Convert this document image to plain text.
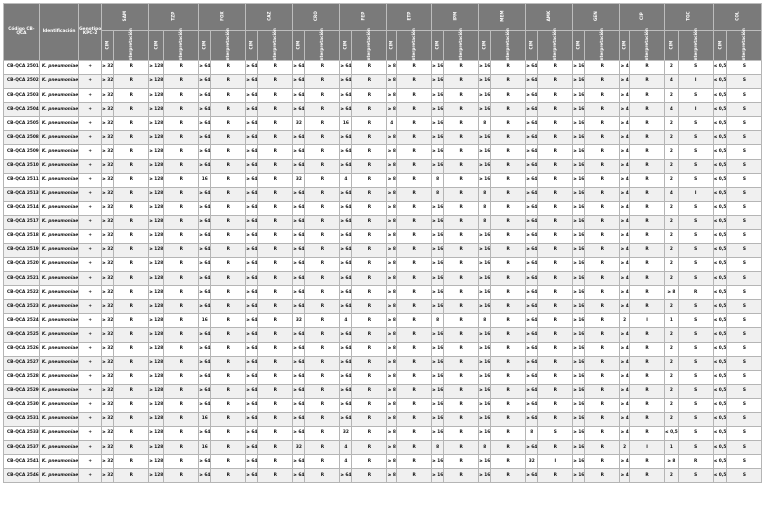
Código CB-QCA	Identificación	Genotipo KPC-2	SAM		TZP		FOX		CAZ		CRO		FEP		ETP		IPM		MEM		AMK		GEN		CIP		TGC		COL	
			CIM	Interpretación	CIM	Interpretación	CIM	Interpretación	CIM	Interpretación	CIM	Interpretación	CIM	Interpretación	CIM	Interpretación	CIM	Interpretación	CIM	Interpretación	CIM	Interpretación	CIM	Interpretación	CIM	Interpretación	CIM	Interpretación	CIM	Interpretación
CB-QCA 2501	K. pneumoniae	+	≥ 32	R	≥ 128	R	≥ 64	R	≥ 64	R	≥ 64	R	≥ 64	R	≥ 8	R	≥ 16	R	≥ 16	R	≥ 64	R	≥ 16	R	≥ 4	R	2	S	≤ 0,5	S
CB-QCA 2502	K. pneumoniae	+	≥ 32	R	≥ 128	R	≥ 64	R	≥ 64	R	≥ 64	R	≥ 64	R	≥ 8	R	≥ 16	R	≥ 16	R	≥ 64	R	≥ 16	R	≥ 4	R	4	I	≤ 0,5	S
CB-QCA 2503	K. pneumoniae	+	≥ 32	R	≥ 128	R	≥ 64	R	≥ 64	R	≥ 64	R	≥ 64	R	≥ 8	R	≥ 16	R	≥ 16	R	≥ 64	R	≥ 16	R	≥ 4	R	2	S	≤ 0,5	S
CB-QCA 2504	K. pneumoniae	+	≥ 32	R	≥ 128	R	≥ 64	R	≥ 64	R	≥ 64	R	≥ 64	R	≥ 8	R	≥ 16	R	≥ 16	R	≥ 64	R	≥ 16	R	≥ 4	R	4	I	≤ 0,5	S
CB-QCA 2505	K. pneumoniae	+	≥ 32	R	≥ 128	R	≥ 64	R	≥ 64	R	32	R	16	R	4	R	≥ 16	R	8	R	≥ 64	R	≥ 16	R	≥ 4	R	2	S	≤ 0,5	S
CB-QCA 2508	K. pneumoniae	+	≥ 32	R	≥ 128	R	≥ 64	R	≥ 64	R	≥ 64	R	≥ 64	R	≥ 8	R	≥ 16	R	≥ 16	R	≥ 64	R	≥ 16	R	≥ 4	R	2	S	≤ 0,5	S
CB-QCA 2509	K. pneumoniae	+	≥ 32	R	≥ 128	R	≥ 64	R	≥ 64	R	≥ 64	R	≥ 64	R	≥ 8	R	≥ 16	R	≥ 16	R	≥ 64	R	≥ 16	R	≥ 4	R	2	S	≤ 0,5	S
CB-QCA 2510	K. pneumoniae	+	≥ 32	R	≥ 128	R	≥ 64	R	≥ 64	R	≥ 64	R	≥ 64	R	≥ 8	R	≥ 16	R	≥ 16	R	≥ 64	R	≥ 16	R	≥ 4	R	2	S	≤ 0,5	S
CB-QCA 2511	K. pneumoniae	+	≥ 32	R	≥ 128	R	16	R	≥ 64	R	32	R	4	R	≥ 8	R	8	R	≥ 16	R	≥ 64	R	≥ 16	R	≥ 4	R	2	S	≤ 0,5	S
CB-QCA 2513	K. pneumoniae	+	≥ 32	R	≥ 128	R	≥ 64	R	≥ 64	R	≥ 64	R	≥ 64	R	≥ 8	R	8	R	8	R	≥ 64	R	≥ 16	R	≥ 4	R	4	I	≤ 0,5	S
CB-QCA 2514	K. pneumoniae	+	≥ 32	R	≥ 128	R	≥ 64	R	≥ 64	R	≥ 64	R	≥ 64	R	≥ 8	R	≥ 16	R	8	R	≥ 64	R	≥ 16	R	≥ 4	R	2	S	≤ 0,5	S
CB-QCA 2517	K. pneumoniae	+	≥ 32	R	≥ 128	R	≥ 64	R	≥ 64	R	≥ 64	R	≥ 64	R	≥ 8	R	≥ 16	R	8	R	≥ 64	R	≥ 16	R	≥ 4	R	2	S	≤ 0,5	S
CB-QCA 2518	K. pneumoniae	+	≥ 32	R	≥ 128	R	≥ 64	R	≥ 64	R	≥ 64	R	≥ 64	R	≥ 8	R	≥ 16	R	≥ 16	R	≥ 64	R	≥ 16	R	≥ 4	R	2	S	≤ 0,5	S
CB-QCA 2519	K. pneumoniae	+	≥ 32	R	≥ 128	R	≥ 64	R	≥ 64	R	≥ 64	R	≥ 64	R	≥ 8	R	≥ 16	R	≥ 16	R	≥ 64	R	≥ 16	R	≥ 4	R	2	S	≤ 0,5	S
CB-QCA 2520	K. pneumoniae	+	≥ 32	R	≥ 128	R	≥ 64	R	≥ 64	R	≥ 64	R	≥ 64	R	≥ 8	R	≥ 16	R	≥ 16	R	≥ 64	R	≥ 16	R	≥ 4	R	2	S	≤ 0,5	S
CB-QCA 2521	K. pneumoniae	+	≥ 32	R	≥ 128	R	≥ 64	R	≥ 64	R	≥ 64	R	≥ 64	R	≥ 8	R	≥ 16	R	≥ 16	R	≥ 64	R	≥ 16	R	≥ 4	R	2	S	≤ 0,5	S
CB-QCA 2522	K. pneumoniae	+	≥ 32	R	≥ 128	R	≥ 64	R	≥ 64	R	≥ 64	R	≥ 64	R	≥ 8	R	≥ 16	R	≥ 16	R	≥ 64	R	≥ 16	R	≥ 4	R	≥ 8	R	≤ 0,5	S
CB-QCA 2523	K. pneumoniae	+	≥ 32	R	≥ 128	R	≥ 64	R	≥ 64	R	≥ 64	R	≥ 64	R	≥ 8	R	≥ 16	R	≥ 16	R	≥ 64	R	≥ 16	R	≥ 4	R	2	S	≤ 0,5	S
CB-QCA 2524	K. pneumoniae	+	≥ 32	R	≥ 128	R	16	R	≥ 64	R	32	R	4	R	≥ 8	R	8	R	8	R	≥ 64	R	≥ 16	R	2	I	1	S	≤ 0,5	S
CB-QCA 2525	K. pneumoniae	+	≥ 32	R	≥ 128	R	≥ 64	R	≥ 64	R	≥ 64	R	≥ 64	R	≥ 8	R	≥ 16	R	≥ 16	R	≥ 64	R	≥ 16	R	≥ 4	R	2	S	≤ 0,5	S
CB-QCA 2526	K. pneumoniae	+	≥ 32	R	≥ 128	R	≥ 64	R	≥ 64	R	≥ 64	R	≥ 64	R	≥ 8	R	≥ 16	R	≥ 16	R	≥ 64	R	≥ 16	R	≥ 4	R	2	S	≤ 0,5	S
CB-QCA 2527	K. pneumoniae	+	≥ 32	R	≥ 128	R	≥ 64	R	≥ 64	R	≥ 64	R	≥ 64	R	≥ 8	R	≥ 16	R	≥ 16	R	≥ 64	R	≥ 16	R	≥ 4	R	2	S	≤ 0,5	S
CB-QCA 2528	K. pneumoniae	+	≥ 32	R	≥ 128	R	≥ 64	R	≥ 64	R	≥ 64	R	≥ 64	R	≥ 8	R	≥ 16	R	≥ 16	R	≥ 64	R	≥ 16	R	≥ 4	R	2	S	≤ 0,5	S
CB-QCA 2529	K. pneumoniae	+	≥ 32	R	≥ 128	R	≥ 64	R	≥ 64	R	≥ 64	R	≥ 64	R	≥ 8	R	≥ 16	R	≥ 16	R	≥ 64	R	≥ 16	R	≥ 4	R	2	S	≤ 0,5	S
CB-QCA 2530	K. pneumoniae	+	≥ 32	R	≥ 128	R	≥ 64	R	≥ 64	R	≥ 64	R	≥ 64	R	≥ 8	R	≥ 16	R	≥ 16	R	≥ 64	R	≥ 16	R	≥ 4	R	2	S	≤ 0,5	S
CB-QCA 2531	K. pneumoniae	+	≥ 32	R	≥ 128	R	16	R	≥ 64	R	≥ 64	R	≥ 64	R	≥ 8	R	≥ 16	R	≥ 16	R	≥ 64	R	≥ 16	R	≥ 4	R	2	S	≤ 0,5	S
CB-QCA 2533	K. pneumoniae	+	≥ 32	R	≥ 128	R	≥ 64	R	≥ 64	R	≥ 64	R	32	R	≥ 8	R	≥ 16	R	≥ 16	R	8	S	≥ 16	R	≥ 4	R	≤ 0,5	S	≤ 0,5	S
CB-QCA 2537	K. pneumoniae	+	≥ 32	R	≥ 128	R	16	R	≥ 64	R	32	R	4	R	≥ 8	R	8	R	8	R	≥ 64	R	≥ 16	R	2	I	1	S	≤ 0,5	S
CB-QCA 2541	K. pneumoniae	+	≥ 32	R	≥ 128	R	≥ 64	R	≥ 64	R	≥ 64	R	4	R	≥ 8	R	≥ 16	R	≥ 16	R	32	I	≥ 16	R	≥ 4	R	≥ 8	R	≤ 0,5	S
CB-QCA 2546	K. pneumoniae	+	≥ 32	R	≥ 128	R	≥ 64	R	≥ 64	R	≥ 64	R	≥ 64	R	≥ 8	R	≥ 16	R	≥ 16	R	≥ 64	R	≥ 16	R	≥ 4	R	2	S	≤ 0,5	S
